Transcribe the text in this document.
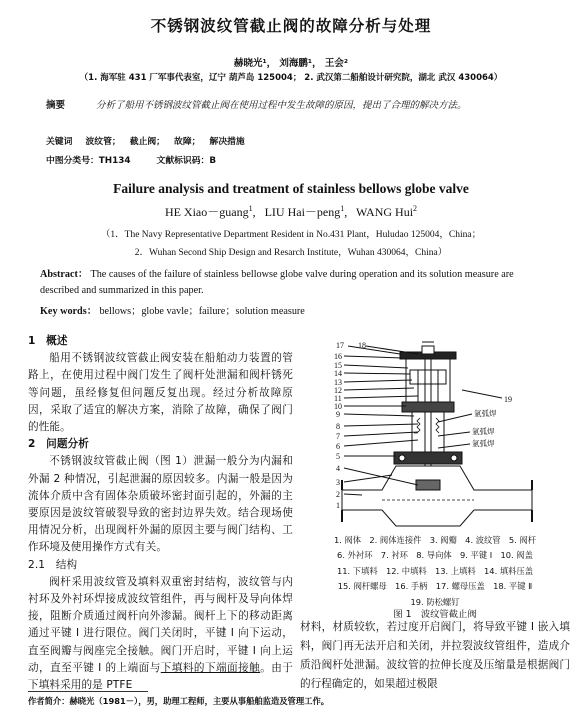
不锈钢波纹管截止阀的故障分析与处理
赫晓光¹， 刘海鹏¹， 王会²
（1. 海军驻 431 厂军事代表室，辽宁 葫芦岛 125004； 2. 武汉第二船舶设计研究院，湖北 武汉 430064）
摘要	分析了船用不锈钢波纹管截止阀在使用过程中发生故障的原因，提出了合理的解决方法。
关键词 波纹管； 截止阀； 故障； 解决措施
中图分类号：TH134	文献标识码：B
Failure analysis and treatment of stainless bellows globe valve
HE Xiao－guang$^1$,   LIU Hai－peng$^1$,   WANG Hui$^2$
（1．The Navy Representative Department Resident in No.431 Plant，Huludao 125004，China；
2．Wuhan Second Ship Design and Resarch Institute，Wuhan 430064，China）
Abstract： The causes of the failure of stainless bellowse globe valve during operation and its solution measure are described and summarized in this paper.
Key words： bellows；globe vavle；failure；solution measure
1　概述
船用不锈钢波纹管截止阀安装在船舶动力装置的管路上，在使用过程中阀门发生了阀杆处泄漏和阀杆锈死等问题，虽经修复但问题反复出现。经过分析故障原因，采取了适宜的解决方案，消除了故障，确保了阀门的性能。
2　问题分析
不锈钢波纹管截止阀（图 1）泄漏一般分为内漏和外漏 2 种情况，引起泄漏的原因较多。内漏一般是因为流体介质中含有固体杂质破坏密封面引起的，外漏的主要原因是波纹管破裂导致的密封边界失效。结合现场使用情况分析，出现阀杆外漏的原因主要与阀门结构、工作环境及使用操作方式有关。
2.1　结构
阀杆采用波纹管及填料双重密封结构，波纹管与内衬环及外衬环焊接成波纹管组件，再与阀杆及导向体焊接，阻断介质通过阀杆向外渗漏。阀杆上下的移动距离通过平键 Ⅰ 进行限位。阀门关闭时，平键 Ⅰ 向下运动，直至阀瓣与阀座完全接触。阀门开启时，平键 Ⅰ 向上运动，直至平键 Ⅰ 的上端面与下填料的下端面接触。由于下填料采用的是 PTFE
17 18
16
15
14
13
12
11
10
9
8
7
6
5
4
3
2
1
19
氩弧焊
氩弧焊
氩弧焊
1. 阀体　2. 阀体连接件　3. 阀瓣　4. 波纹管　5. 阀杆
6. 外衬环　7. 衬环　8. 导向体　9. 平键 Ⅰ　10. 阀盖
11. 下填料　12. 中填料　13. 上填料　14. 填料压盖
15. 阀杆螺母　16. 手柄　17. 螺母压盖　18. 平键 Ⅱ
19. 防松螺钉
图 1　波纹管截止阀
材料，材质较软，若过度开启阀门，将导致平键 Ⅰ 嵌入填料，阀门再无法开启和关闭，并拉裂波纹管组件，造成介质沿阀杆处泄漏。波纹管的拉伸长度及压缩量是根据阀门的行程确定的，如果超过极限
作者简介：赫晓光（1981－），男，助理工程师，主要从事船舶监造及管理工作。
